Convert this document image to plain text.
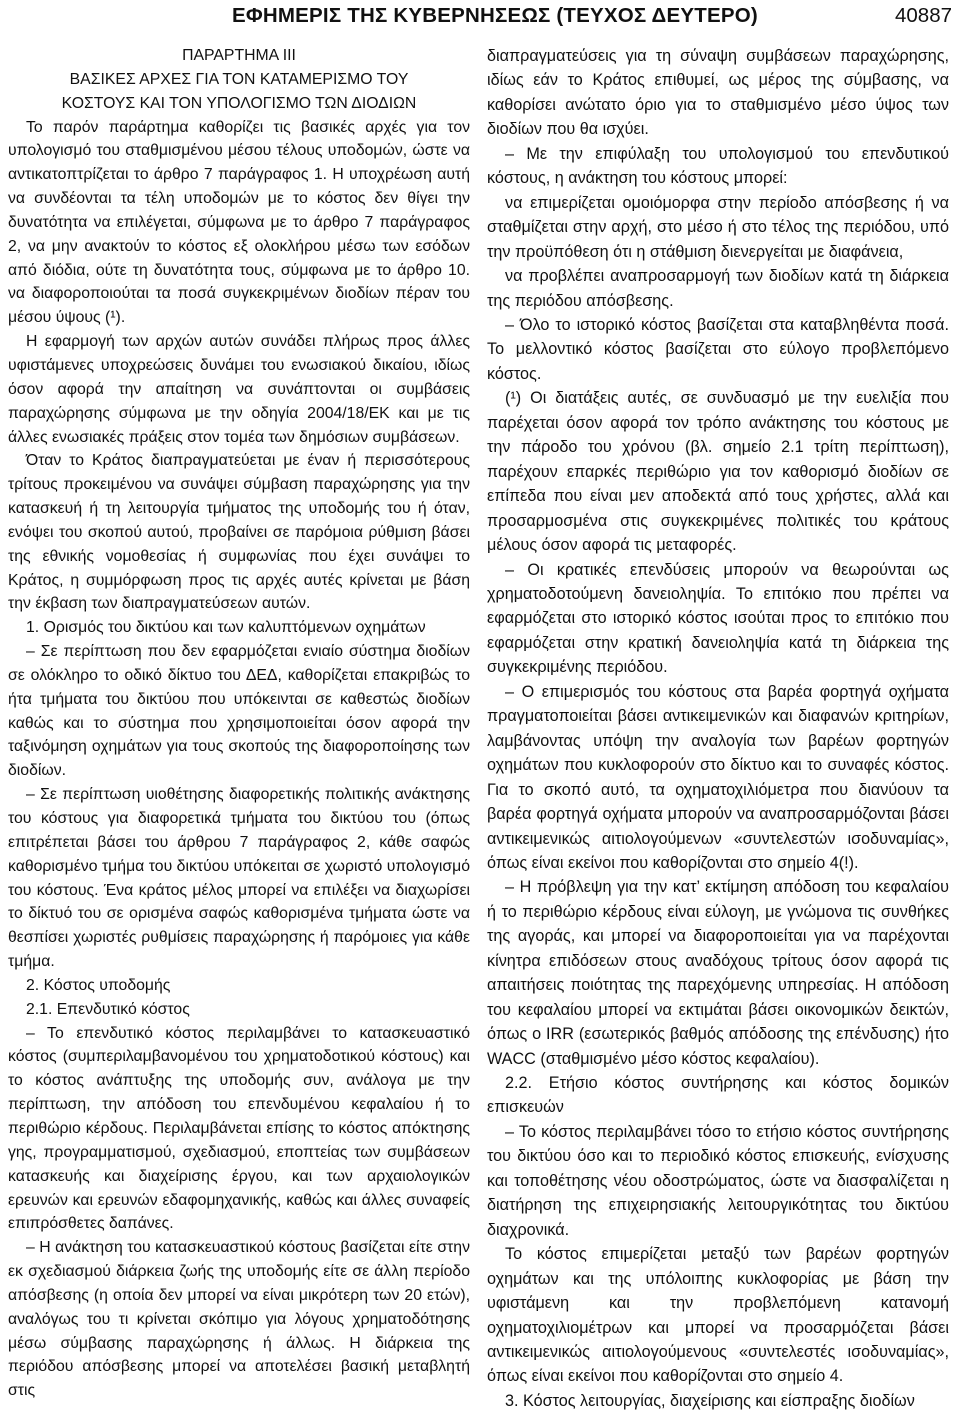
ΕΦΗΜΕΡΙΣ ΤΗΣ ΚΥΒΕΡΝΗΣΕΩΣ (ΤΕΥΧΟΣ ΔΕΥΤΕΡΟ)	40887
ΠΑΡΑΡΤΗΜΑ ΙΙΙ
ΒΑΣΙΚΕΣ ΑΡΧΕΣ ΓΙΑ ΤΟΝ ΚΑΤΑΜΕΡΙΣΜΟ ΤΟΥ
ΚΟΣΤΟΥΣ ΚΑΙ ΤΟΝ ΥΠΟΛΟΓΙΣΜΟ ΤΩΝ ΔΙΟΔΙΩΝ

Το παρόν παράρτημα καθορίζει τις βασικές αρχές για τον υπολογισμό του σταθμισμένου μέσου τέλους υποδομών, ώστε να αντικατοπτρίζεται το άρθρο 7 παράγραφος 1. Η υποχρέωση αυτή να συνδέονται τα τέλη υποδομών με το κόστος δεν θίγει την δυνατότητα να επιλέγεται, σύμφωνα με το άρθρο 7 παράγραφος 2, να μην ανακτούν το κόστος εξ ολοκλήρου μέσω των εσόδων από διόδια, ούτε τη δυνατότητα τους, σύμφωνα με το άρθρο 10. να διαφοροποιούται τα ποσά συγκεκριμένων διοδίων πέραν του μέσου ύψους (¹).

Η εφαρμογή των αρχών αυτών συνάδει πλήρως προς άλλες υφιστάμενες υποχρεώσεις δυνάμει του ενωσιακού δικαίου, ιδίως όσον αφορά την απαίτηση να συνάπτονται οι συμβάσεις παραχώρησης σύμφωνα με την οδηγία 2004/18/ΕΚ και με τις άλλες ενωσιακές πράξεις στον τομέα των δημόσιων συμβάσεων.

Όταν το Κράτος διαπραγματεύεται με έναν ή περισσότερους τρίτους προκειμένου να συνάψει σύμβαση παραχώρησης για την κατασκευή ή τη λειτουργία τμήματος της υποδομής του ή όταν, ενόψει του σκοπού αυτού, προβαίνει σε παρόμοια ρύθμιση βάσει της εθνικής νομοθεσίας ή συμφωνίας που έχει συνάψει το Κράτος, η συμμόρφωση προς τις αρχές αυτές κρίνεται με βάση την έκβαση των διαπραγματεύσεων αυτών.

1. Ορισμός του δικτύου και των καλυπτόμενων οχημάτων

– Σε περίπτωση που δεν εφαρμόζεται ενιαίο σύστημα διοδίων σε ολόκληρο το οδικό δίκτυο του ΔΕΔ, καθορίζεται επακριβώς το ήτα τμήματα του δικτύου που υπόκεινται σε καθεστώς διοδίων καθώς και το σύστημα που χρησιμοποιείται όσον αφορά την ταξινόμηση οχημάτων για τους σκοπούς της διαφοροποίησης των διοδίων.

– Σε περίπτωση υιοθέτησης διαφορετικής πολιτικής ανάκτησης του κόστους για διαφορετικά τμήματα του δικτύου του (όπως επιτρέπεται βάσει του άρθρου 7 παράγραφος 2, κάθε σαφώς καθορισμένο τμήμα του δικτύου υπόκειται σε χωριστό υπολογισμό του κόστους. Ένα κράτος μέλος μπορεί να επιλέξει να διαχωρίσει το δίκτυό του σε ορισμένα σαφώς καθορισμένα τμήματα ώστε να θεσπίσει χωριστές ρυθμίσεις παραχώρησης ή παρόμοιες για κάθε τμήμα.

2. Κόστος υποδομής

2.1. Επενδυτικό κόστος

– Το επενδυτικό κόστος περιλαμβάνει το κατασκευαστικό κόστος (συμπεριλαμβανομένου του χρηματοδοτικού κόστους) και το κόστος ανάπτυξης της υποδομής συν, ανάλογα με την περίπτωση, την απόδοση του επενδυμένου κεφαλαίου ή το περιθώριο κέρδους. Περιλαμβάνεται επίσης το κόστος απόκτησης γης, προγραμματισμού, σχεδιασμού, εποπτείας των συμβάσεων κατασκευής και διαχείρισης έργου, και των αρχαιολογικών ερευνών και ερευνών εδαφομηχανικής, καθώς και άλλες συναφείς επιπρόσθετες δαπάνες.

– Η ανάκτηση του κατασκευαστικού κόστους βασίζεται είτε στην εκ σχεδιασμού διάρκεια ζωής της υποδομής είτε σε άλλη περίοδο απόσβεσης (η οποία δεν μπορεί να είναι μικρότερη των 20 ετών), αναλόγως του τι κρίνεται σκόπιμο για λόγους χρηματοδότησης μέσω σύμβασης παραχώρησης ή άλλως. Η διάρκεια της περιόδου απόσβεσης μπορεί να αποτελέσει βασική μεταβλητή στις

διαπραγματεύσεις για τη σύναψη συμβάσεων παραχώρησης, ιδίως εάν το Κράτος επιθυμεί, ως μέρος της σύμβασης, να καθορίσει ανώτατο όριο για το σταθμισμένο μέσο ύψος των διοδίων που θα ισχύει.

– Με την επιφύλαξη του υπολογισμού του επενδυτικού κόστους, η ανάκτηση του κόστους μπορεί:

να επιμερίζεται ομοιόμορφα στην περίοδο απόσβεσης ή να σταθμίζεται στην αρχή, στο μέσο ή στο τέλος της περιόδου, υπό την προϋπόθεση ότι η στάθμιση διενεργείται με διαφάνεια,

να προβλέπει αναπροσαρμογή των διοδίων κατά τη διάρκεια της περιόδου απόσβεσης.

– Όλο το ιστορικό κόστος βασίζεται στα καταβληθέντα ποσά. Το μελλοντικό κόστος βασίζεται στο εύλογο προβλεπόμενο κόστος.

(¹) Οι διατάξεις αυτές, σε συνδυασμό με την ευελιξία που παρέχεται όσον αφορά τον τρόπο ανάκτησης του κόστους με την πάροδο του χρόνου (βλ. σημείο 2.1 τρίτη περίπτωση), παρέχουν επαρκές περιθώριο για τον καθορισμό διοδίων σε επίπεδα που είναι μεν αποδεκτά από τους χρήστες, αλλά και προσαρμοσμένα στις συγκεκριμένες πολιτικές του κράτους μέλους όσον αφορά τις μεταφορές.

– Οι κρατικές επενδύσεις μπορούν να θεωρούνται ως χρηματοδοτούμενη δανειοληψία. Το επιτόκιο που πρέπει να εφαρμόζεται στο ιστορικό κόστος ισούται προς το επιτόκιο που εφαρμόζεται στην κρατική δανειοληψία κατά τη διάρκεια της συγκεκριμένης περιόδου.

– Ο επιμερισμός του κόστους στα βαρέα φορτηγά οχήματα πραγματοποιείται βάσει αντικειμενικών και διαφανών κριτηρίων, λαμβάνοντας υπόψη την αναλογία των βαρέων φορτηγών οχημάτων που κυκλοφορούν στο δίκτυο και το συναφές κόστος. Για το σκοπό αυτό, τα οχηματοχιλιόμετρα που διανύουν τα βαρέα φορτηγά οχήματα μπορούν να αναπροσαρμόζονται βάσει αντικειμενικώς αιτιολογούμενων «συντελεστών ισοδυναμίας», όπως είναι εκείνοι που καθορίζονται στο σημείο 4(!).

– Η πρόβλεψη για την κατ’ εκτίμηση απόδοση του κεφαλαίου ή το περιθώριο κέρδους είναι εύλογη, με γνώμονα τις συνθήκες της αγοράς, και μπορεί να διαφοροποιείται για να παρέχονται κίνητρα επιδόσεων στους αναδόχους τρίτους όσον αφορά τις απαιτήσεις ποιότητας της παρεχόμενης υπηρεσίας. Η απόδοση του κεφαλαίου μπορεί να εκτιμάται βάσει οικονομικών δεικτών, όπως ο IRR (εσωτερικός βαθμός απόδοσης της επένδυσης) ήτο WACC (σταθμισμένο μέσο κόστος κεφαλαίου).

2.2. Ετήσιο κόστος συντήρησης και κόστος δομικών επισκευών

– Το κόστος περιλαμβάνει τόσο το ετήσιο κόστος συντήρησης του δικτύου όσο και το περιοδικό κόστος επισκευής, ενίσχυσης και τοποθέτησης νέου οδοστρώματος, ώστε να διασφαλίζεται η διατήρηση της επιχειρησιακής λειτουργικότητας του δικτύου διαχρονικά.

Το κόστος επιμερίζεται μεταξύ των βαρέων φορτηγών οχημάτων και της υπόλοιπης κυκλοφορίας με βάση την υφιστάμενη και την προβλεπόμενη κατανομή οχηματοχιλιομέτρων και μπορεί να προσαρμόζεται βάσει αντικειμενικώς αιτιολογούμενους «συντελεστές ισοδυναμίας», όπως είναι εκείνοι που καθορίζονται στο σημείο 4.

3. Κόστος λειτουργίας, διαχείρισης και είσπραξης διοδίων
